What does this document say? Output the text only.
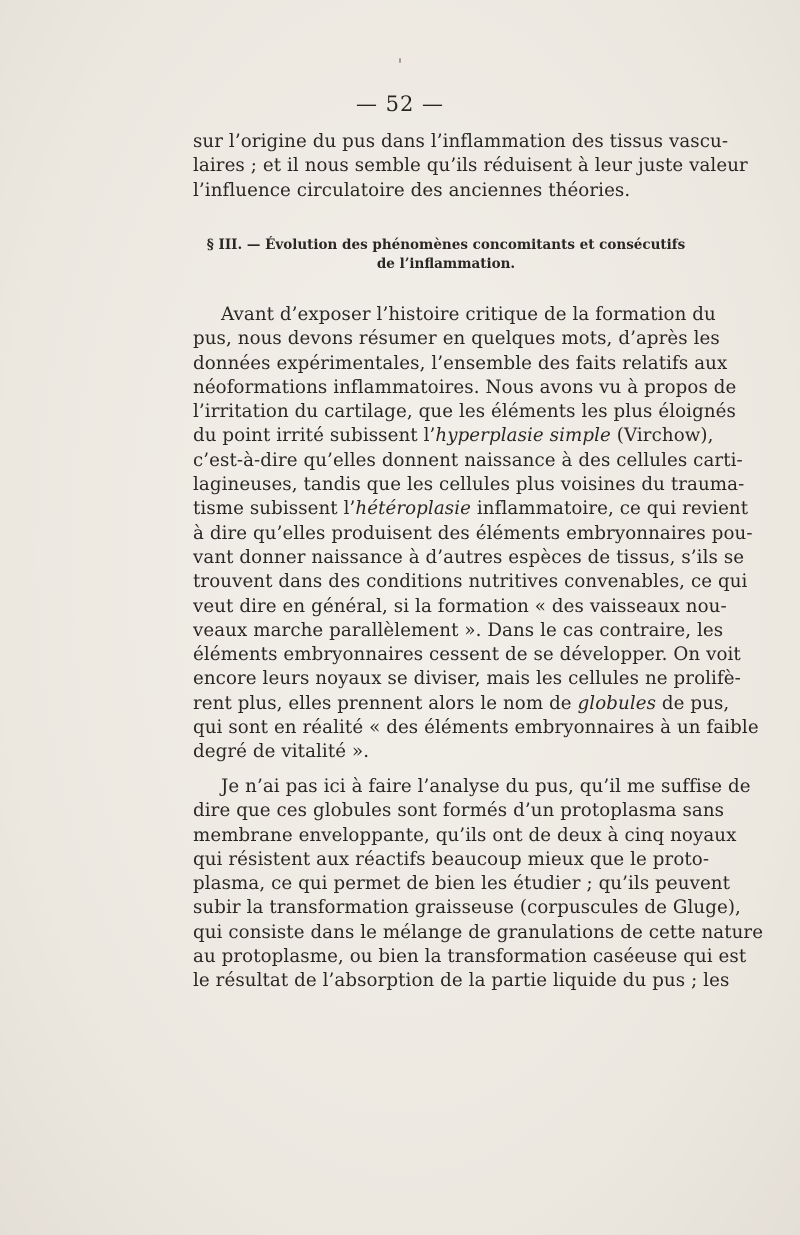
— 52 —
sur l’origine du pus dans l’inflammation des tissus vascu-
laires ; et il nous semble qu’ils réduisent à leur juste valeur
l’influence circulatoire des anciennes théories.
§ III. — Évolution des phénomènes concomitants et consécutifs
de l’inflammation.
Avant d’exposer l’histoire critique de la formation du
pus, nous devons résumer en quelques mots, d’après les
données expérimentales, l’ensemble des faits relatifs aux
néoformations inflammatoires. Nous avons vu à propos de
l’irritation du cartilage, que les éléments les plus éloignés
du point irrité subissent l’hyperplasie simple (Virchow),
c’est-à-dire qu’elles donnent naissance à des cellules carti-
lagineuses, tandis que les cellules plus voisines du trauma-
tisme subissent l’hétéroplasie inflammatoire, ce qui revient
à dire qu’elles produisent des éléments embryonnaires pou-
vant donner naissance à d’autres espèces de tissus, s’ils se
trouvent dans des conditions nutritives convenables, ce qui
veut dire en général, si la formation « des vaisseaux nou-
veaux marche parallèlement ». Dans le cas contraire, les
éléments embryonnaires cessent de se développer. On voit
encore leurs noyaux se diviser, mais les cellules ne prolifè-
rent plus, elles prennent alors le nom de globules de pus,
qui sont en réalité « des éléments embryonnaires à un faible
degré de vitalité ».
Je n’ai pas ici à faire l’analyse du pus, qu’il me suffise de
dire que ces globules sont formés d’un protoplasma sans
membrane enveloppante, qu’ils ont de deux à cinq noyaux
qui résistent aux réactifs beaucoup mieux que le proto-
plasma, ce qui permet de bien les étudier ; qu’ils peuvent
subir la transformation graisseuse (corpuscules de Gluge),
qui consiste dans le mélange de granulations de cette nature
au protoplasme, ou bien la transformation caséeuse qui est
le résultat de l’absorption de la partie liquide du pus ; les
